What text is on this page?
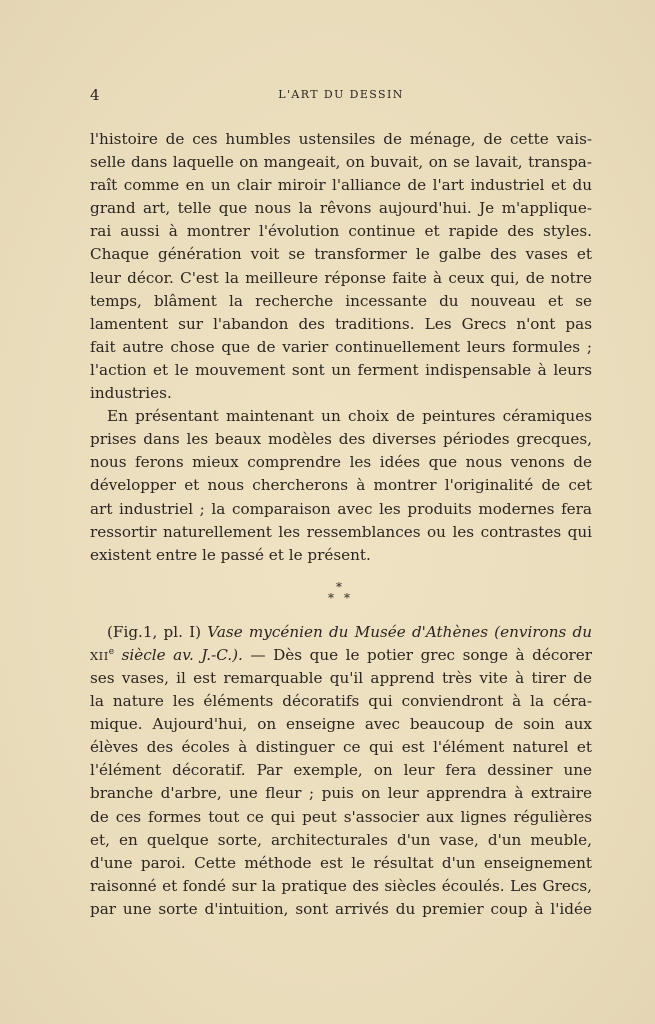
4	L'ART DU DESSIN
l'histoire de ces humbles ustensiles de ménage, de cette vais-
selle dans laquelle on mangeait, on buvait, on se lavait, transpa-
raît comme en un clair miroir l'alliance de l'art industriel et du
grand art, telle que nous la rêvons aujourd'hui. Je m'applique-
rai aussi à montrer l'évolution continue et rapide des styles.
Chaque génération voit se transformer le galbe des vases et
leur décor. C'est la meilleure réponse faite à ceux qui, de notre
temps, blâment la recherche incessante du nouveau et se
lamentent sur l'abandon des traditions. Les Grecs n'ont pas
fait autre chose que de varier continuellement leurs formules ;
l'action et le mouvement sont un ferment indispensable à leurs
industries.
En présentant maintenant un choix de peintures céramiques
prises dans les beaux modèles des diverses périodes grecques,
nous ferons mieux comprendre les idées que nous venons de
développer et nous chercherons à montrer l'originalité de cet
art industriel ; la comparaison avec les produits modernes fera
ressortir naturellement les ressemblances ou les contrastes qui
existent entre le passé et le présent.
*
* *
(Fig.1, pl. I) Vase mycénien du Musée d'Athènes (environs du
XIIe siècle av. J.-C.). — Dès que le potier grec songe à décorer
ses vases, il est remarquable qu'il apprend très vite à tirer de
la nature les éléments décoratifs qui conviendront à la céra-
mique. Aujourd'hui, on enseigne avec beaucoup de soin aux
élèves des écoles à distinguer ce qui est l'élément naturel et
l'élément décoratif. Par exemple, on leur fera dessiner une
branche d'arbre, une fleur ; puis on leur apprendra à extraire
de ces formes tout ce qui peut s'associer aux lignes régulières
et, en quelque sorte, architecturales d'un vase, d'un meuble,
d'une paroi. Cette méthode est le résultat d'un enseignement
raisonné et fondé sur la pratique des siècles écoulés. Les Grecs,
par une sorte d'intuition, sont arrivés du premier coup à l'idée
